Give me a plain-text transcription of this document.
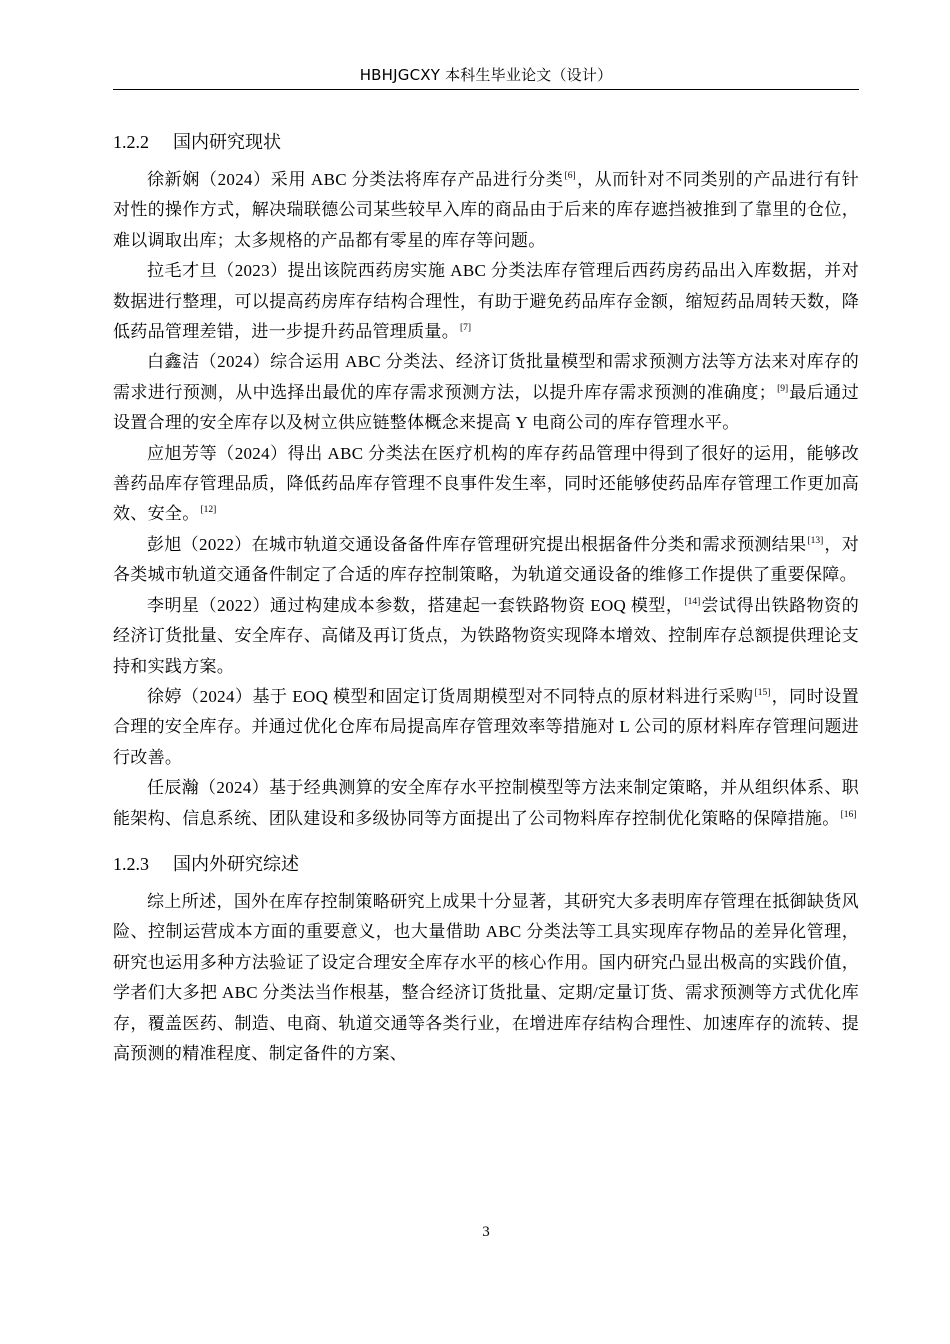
HBHJGCXY 本科生毕业论文（设计）
1.2.2 国内研究现状

徐新娴（2024）采用 ABC 分类法将库存产品进行分类[6]，从而针对不同类别的产品进行有针对性的操作方式，解决瑞联德公司某些较早入库的商品由于后来的库存遮挡被推到了靠里的仓位，难以调取出库；太多规格的产品都有零星的库存等问题。

拉毛才旦（2023）提出该院西药房实施 ABC 分类法库存管理后西药房药品出入库数据，并对数据进行整理，可以提高药房库存结构合理性，有助于避免药品库存金额，缩短药品周转天数，降低药品管理差错，进一步提升药品管理质量。[7]

白鑫洁（2024）综合运用 ABC 分类法、经济订货批量模型和需求预测方法等方法来对库存的需求进行预测，从中选择出最优的库存需求预测方法，以提升库存需求预测的准确度；[9]最后通过设置合理的安全库存以及树立供应链整体概念来提高 Y 电商公司的库存管理水平。

应旭芳等（2024）得出 ABC 分类法在医疗机构的库存药品管理中得到了很好的运用，能够改善药品库存管理品质，降低药品库存管理不良事件发生率，同时还能够使药品库存管理工作更加高效、安全。[12]

彭旭（2022）在城市轨道交通设备备件库存管理研究提出根据备件分类和需求预测结果[13]，对各类城市轨道交通备件制定了合适的库存控制策略，为轨道交通设备的维修工作提供了重要保障。

李明星（2022）通过构建成本参数，搭建起一套铁路物资 EOQ 模型，[14]尝试得出铁路物资的经济订货批量、安全库存、高储及再订货点，为铁路物资实现降本增效、控制库存总额提供理论支持和实践方案。

徐婷（2024）基于 EOQ 模型和固定订货周期模型对不同特点的原材料进行采购[15]，同时设置合理的安全库存。并通过优化仓库布局提高库存管理效率等措施对 L 公司的原材料库存管理问题进行改善。

任辰瀚（2024）基于经典测算的安全库存水平控制模型等方法来制定策略，并从组织体系、职能架构、信息系统、团队建设和多级协同等方面提出了公司物料库存控制优化策略的保障措施。[16]

1.2.3 国内外研究综述

综上所述，国外在库存控制策略研究上成果十分显著，其研究大多表明库存管理在抵御缺货风险、控制运营成本方面的重要意义，也大量借助 ABC 分类法等工具实现库存物品的差异化管理，研究也运用多种方法验证了设定合理安全库存水平的核心作用。国内研究凸显出极高的实践价值，学者们大多把 ABC 分类法当作根基，整合经济订货批量、定期/定量订货、需求预测等方式优化库存，覆盖医药、制造、电商、轨道交通等各类行业，在增进库存结构合理性、加速库存的流转、提高预测的精准程度、制定备件的方案、

3
